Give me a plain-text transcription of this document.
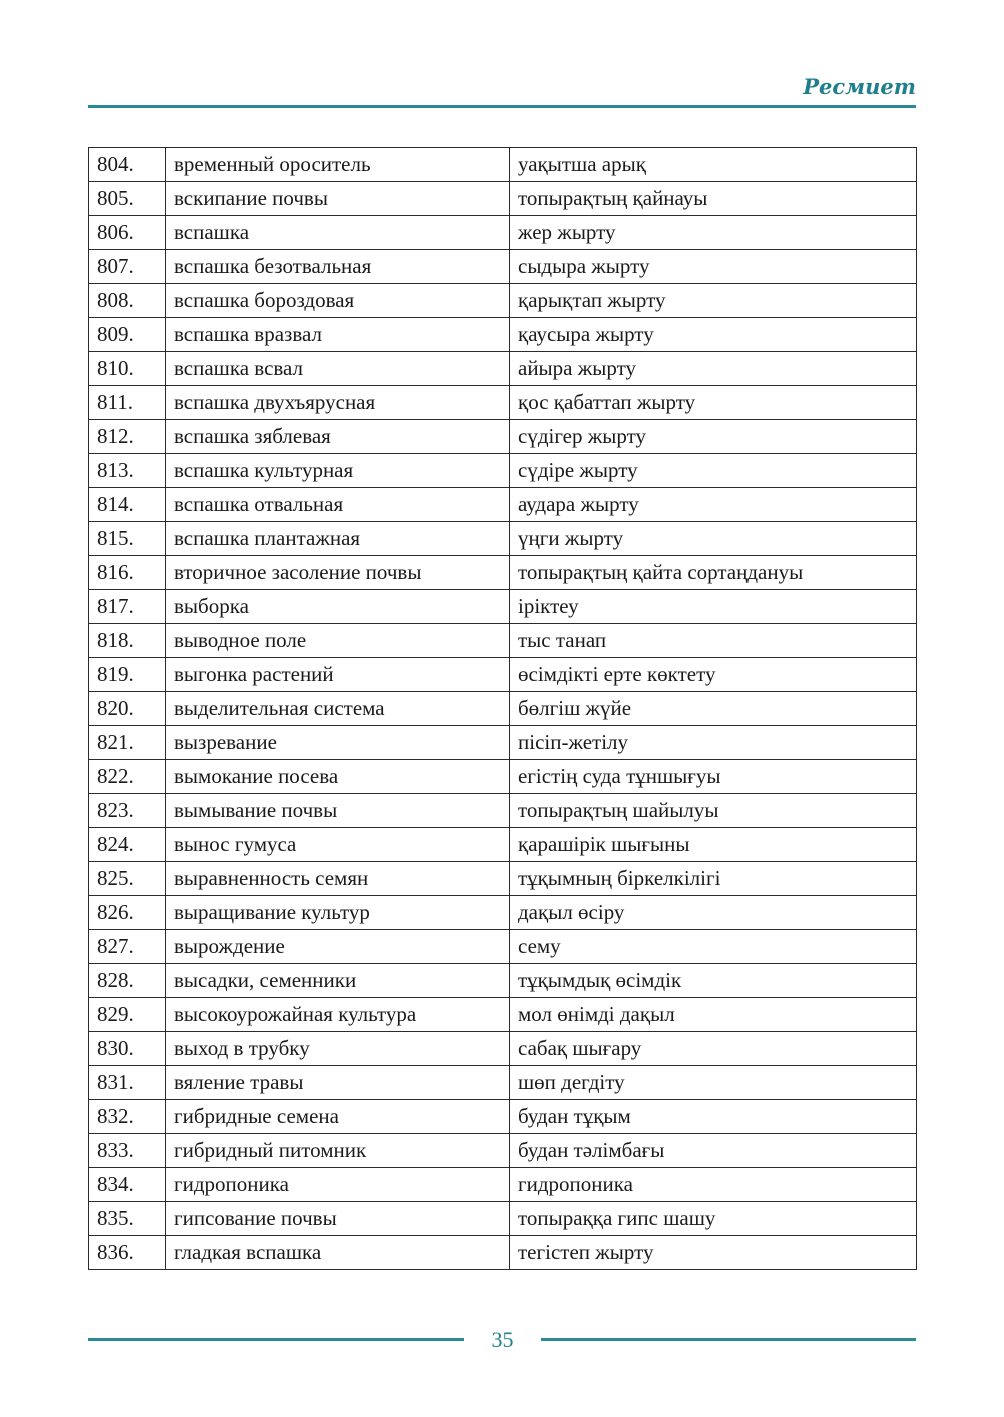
Ресмиет
804.	временный ороситель	уақытша арық
805.	вскипание почвы	топырақтың қайнауы
806.	вспашка	жер жырту
807.	вспашка безотвальная	сыдыра жырту
808.	вспашка бороздовая	қарықтап жырту
809.	вспашка вразвал	қаусыра жырту
810.	вспашка всвал	айыра жырту
811.	вспашка двухъярусная	қос қабаттап жырту
812.	вспашка зяблевая	сүдігер жырту
813.	вспашка культурная	сүдіре жырту
814.	вспашка отвальная	аудара жырту
815.	вспашка плантажная	үңги жырту
816.	вторичное засоление почвы	топырақтың қайта сортаңдануы
817.	выборка	іріктеу
818.	выводное поле	тыс танап
819.	выгонка растений	өсімдікті ерте көктету
820.	выделительная система	бөлгіш жүйе
821.	вызревание	пісіп-жетілу
822.	вымокание посева	егістің суда тұншығуы
823.	вымывание почвы	топырақтың шайылуы
824.	вынос гумуса	қарашірік шығыны
825.	выравненность семян	тұқымның біркелкілігі
826.	выращивание культур	дақыл өсіру
827.	вырождение	сему
828.	высадки, семенники	тұқымдық өсімдік
829.	высокоурожайная культура	мол өнімді дақыл
830.	выход в трубку	сабақ шығару
831.	вяление травы	шөп дегдіту
832.	гибридные семена	будан тұқым
833.	гибридный питомник	будан тәлімбағы
834.	гидропоника	гидропоника
835.	гипсование почвы	топыраққа гипс шашу
836.	гладкая вспашка	тегістеп жырту
35
